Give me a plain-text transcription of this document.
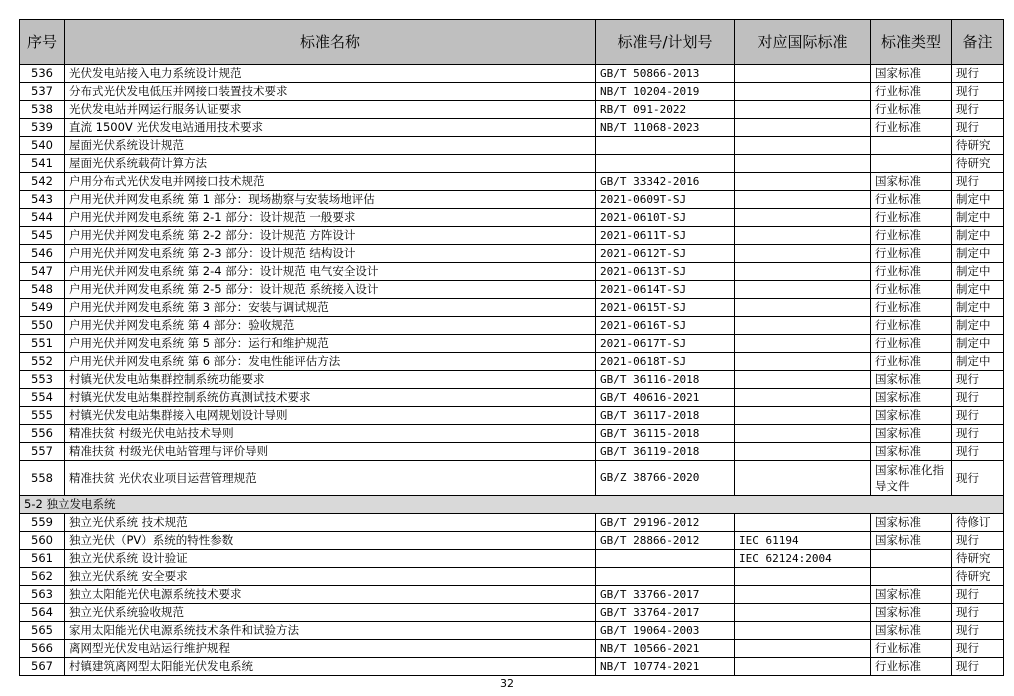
序号	标准名称	标准号/计划号	对应国际标准	标准类型	备注
536	光伏发电站接入电力系统设计规范	GB/T 50866-2013		国家标准	现行
537	分布式光伏发电低压并网接口装置技术要求	NB/T 10204-2019		行业标准	现行
538	光伏发电站并网运行服务认证要求	RB/T 091-2022		行业标准	现行
539	直流 1500V 光伏发电站通用技术要求	NB/T 11068-2023		行业标准	现行
540	屋面光伏系统设计规范				待研究
541	屋面光伏系统载荷计算方法				待研究
542	户用分布式光伏发电并网接口技术规范	GB/T 33342-2016		国家标准	现行
543	户用光伏并网发电系统 第 1 部分：现场勘察与安装场地评估	2021-0609T-SJ		行业标准	制定中
544	户用光伏并网发电系统 第 2-1 部分：设计规范 一般要求	2021-0610T-SJ		行业标准	制定中
545	户用光伏并网发电系统 第 2-2 部分：设计规范 方阵设计	2021-0611T-SJ		行业标准	制定中
546	户用光伏并网发电系统 第 2-3 部分：设计规范 结构设计	2021-0612T-SJ		行业标准	制定中
547	户用光伏并网发电系统 第 2-4 部分：设计规范 电气安全设计	2021-0613T-SJ		行业标准	制定中
548	户用光伏并网发电系统 第 2-5 部分：设计规范 系统接入设计	2021-0614T-SJ		行业标准	制定中
549	户用光伏并网发电系统 第 3 部分：安装与调试规范	2021-0615T-SJ		行业标准	制定中
550	户用光伏并网发电系统 第 4 部分：验收规范	2021-0616T-SJ		行业标准	制定中
551	户用光伏并网发电系统 第 5 部分：运行和维护规范	2021-0617T-SJ		行业标准	制定中
552	户用光伏并网发电系统 第 6 部分：发电性能评估方法	2021-0618T-SJ		行业标准	制定中
553	村镇光伏发电站集群控制系统功能要求	GB/T 36116-2018		国家标准	现行
554	村镇光伏发电站集群控制系统仿真测试技术要求	GB/T 40616-2021		国家标准	现行
555	村镇光伏发电站集群接入电网规划设计导则	GB/T 36117-2018		国家标准	现行
556	精准扶贫 村级光伏电站技术导则	GB/T 36115-2018		国家标准	现行
557	精准扶贫 村级光伏电站管理与评价导则	GB/T 36119-2018		国家标准	现行
558	精准扶贫 光伏农业项目运营管理规范	GB/Z 38766-2020		国家标准化指导文件	现行
5-2 独立发电系统					
559	独立光伏系统 技术规范	GB/T 29196-2012		国家标准	待修订
560	独立光伏（PV）系统的特性参数	GB/T 28866-2012	IEC 61194	国家标准	现行
561	独立光伏系统 设计验证		IEC 62124:2004		待研究
562	独立光伏系统 安全要求				待研究
563	独立太阳能光伏电源系统技术要求	GB/T 33766-2017		国家标准	现行
564	独立光伏系统验收规范	GB/T 33764-2017		国家标准	现行
565	家用太阳能光伏电源系统技术条件和试验方法	GB/T 19064-2003		国家标准	现行
566	离网型光伏发电站运行维护规程	NB/T 10566-2021		行业标准	现行
567	村镇建筑离网型太阳能光伏发电系统	NB/T 10774-2021		行业标准	现行
32
